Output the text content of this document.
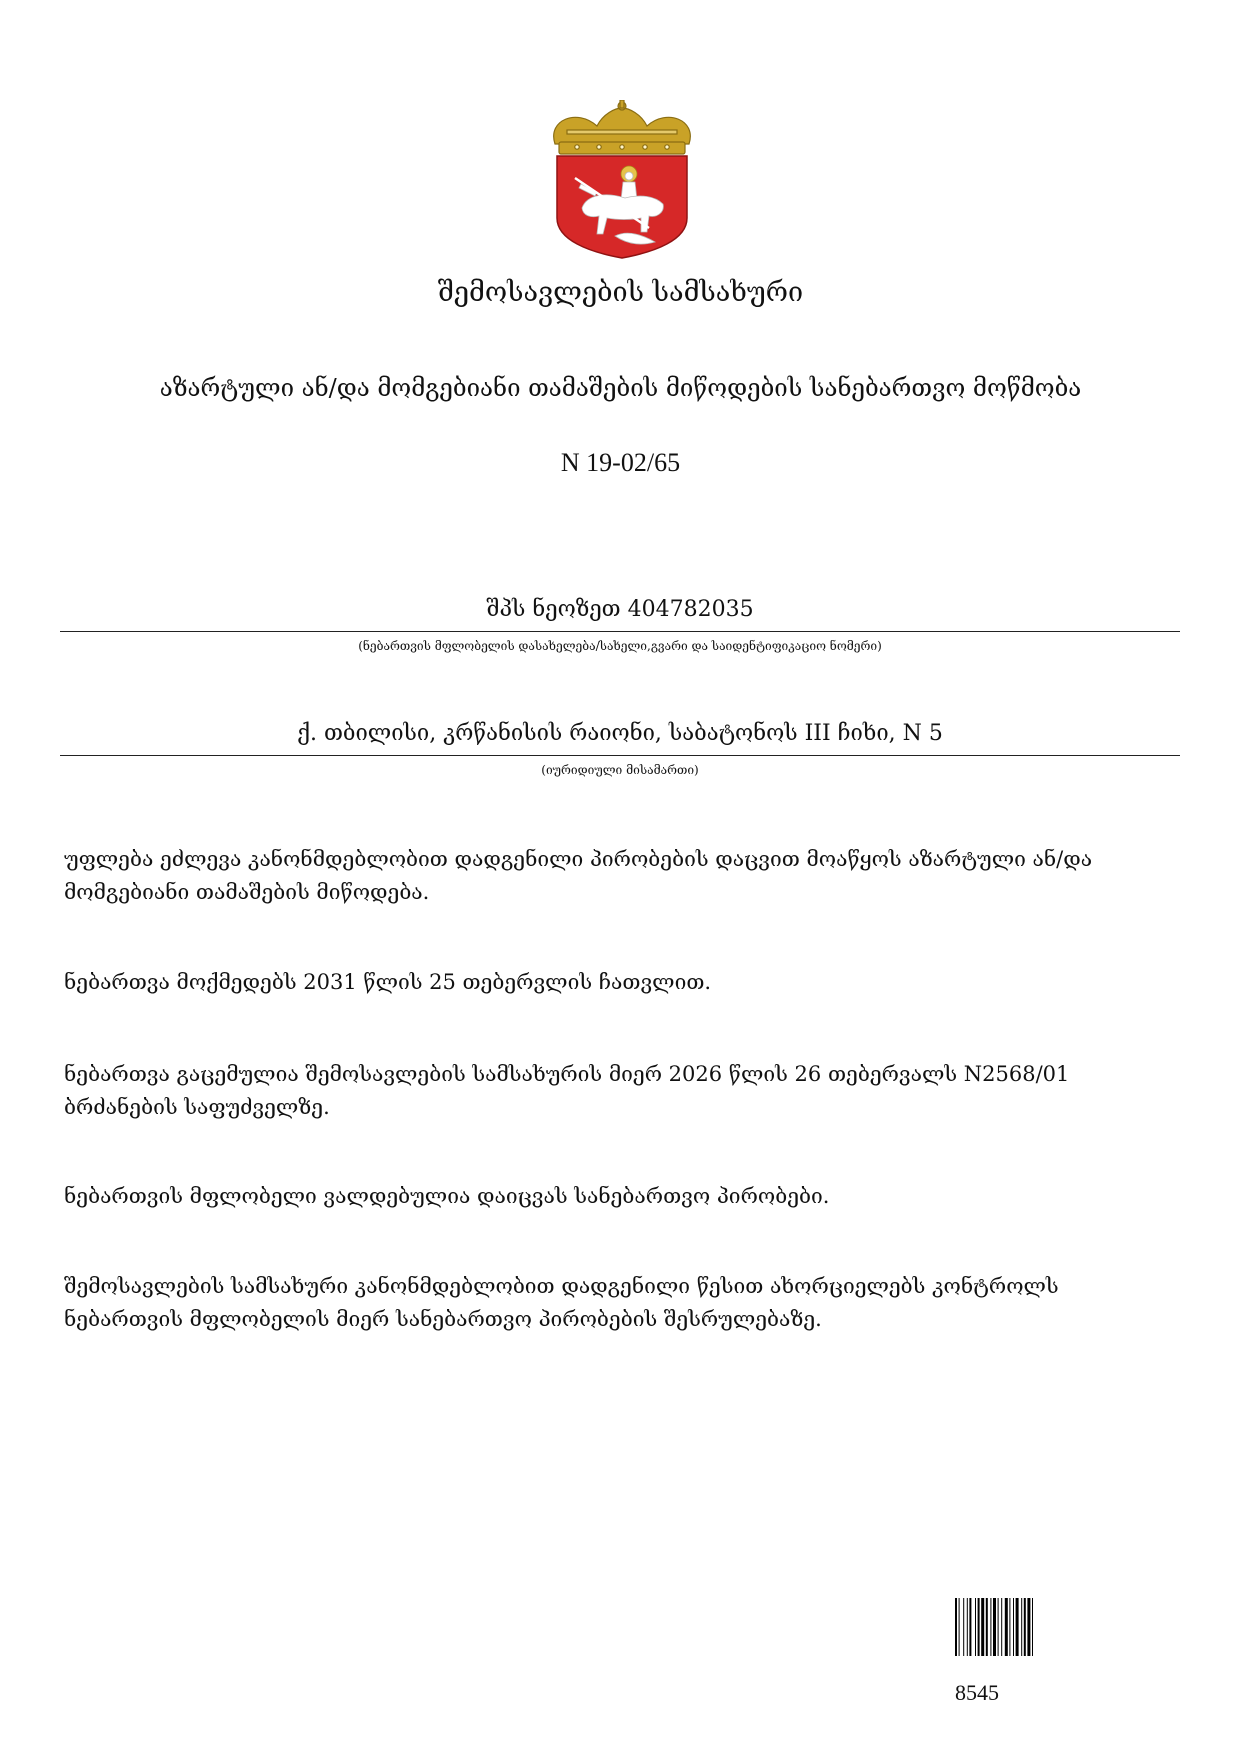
შემოსავლების სამსახური
აზარტული ან/და მომგებიანი თამაშების მიწოდების სანებართვო მოწმობა
N 19-02/65
შპს ნეოზეთ 404782035
(ნებართვის მფლობელის დასახელება/სახელი,გვარი და საიდენტიფიკაციო ნომერი)
ქ. თბილისი, კრწანისის რაიონი, საბატონოს III ჩიხი, N 5
(იურიდიული მისამართი)
უფლება ეძლევა კანონმდებლობით დადგენილი პირობების დაცვით მოაწყოს აზარტული ან/და მომგებიანი თამაშების მიწოდება.
ნებართვა მოქმედებს 2031 წლის 25 თებერვლის ჩათვლით.
ნებართვა გაცემულია შემოსავლების სამსახურის მიერ 2026 წლის 26 თებერვალს N2568/01 ბრძანების საფუძველზე.
ნებართვის მფლობელი ვალდებულია დაიცვას სანებართვო პირობები.
შემოსავლების სამსახური კანონმდებლობით დადგენილი წესით ახორციელებს კონტროლს ნებართვის მფლობელის მიერ სანებართვო პირობების შესრულებაზე.
8545
